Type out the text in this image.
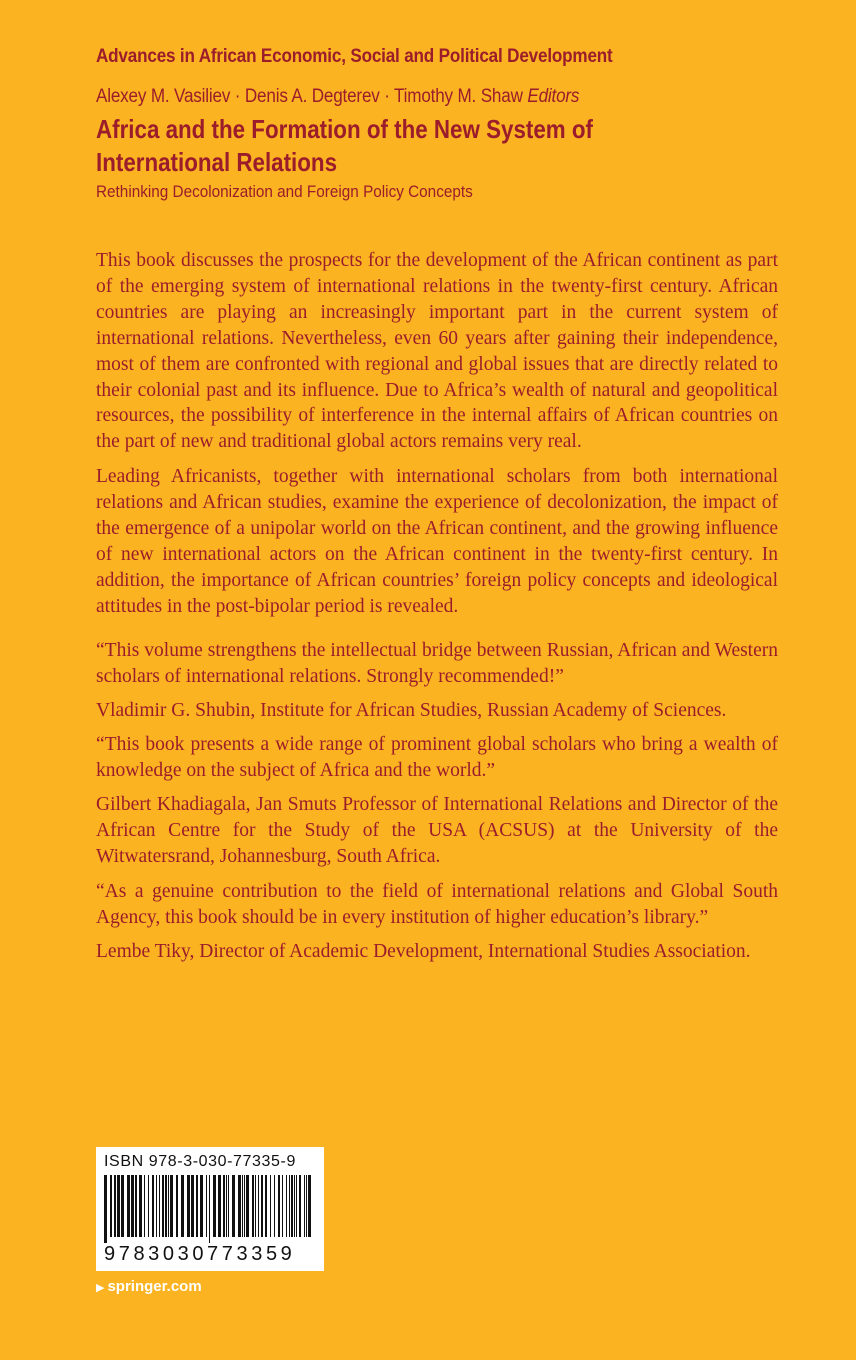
Advances in African Economic, Social and Political Development
Alexey M. Vasiliev · Denis A. Degterev · Timothy M. Shaw Editors
Africa and the Formation of the New System of International Relations
Rethinking Decolonization and Foreign Policy Concepts

This book discusses the prospects for the development of the African continent as part of the emerging system of international relations in the twenty-first century. African countries are playing an increasingly important part in the current system of international relations. Nevertheless, even 60 years after gaining their independence, most of them are confronted with regional and global issues that are directly related to their colonial past and its influence. Due to Africa’s wealth of natural and geopolitical resources, the possibility of interference in the internal affairs of African countries on the part of new and traditional global actors remains very real.

Leading Africanists, together with international scholars from both international relations and African studies, examine the experience of decolonization, the impact of the emergence of a unipolar world on the African continent, and the growing influence of new international actors on the African continent in the twenty-first century. In addition, the importance of African countries’ foreign policy concepts and ideological attitudes in the post-bipolar period is revealed.

“This volume strengthens the intellectual bridge between Russian, African and Western scholars of international relations. Strongly recommended!”

Vladimir G. Shubin, Institute for African Studies, Russian Academy of Sciences.

“This book presents a wide range of prominent global scholars who bring a wealth of knowledge on the subject of Africa and the world.”

Gilbert Khadiagala, Jan Smuts Professor of International Relations and Director of the African Centre for the Study of the USA (ACSUS) at the University of the Witwatersrand, Johannesburg, South Africa.

“As a genuine contribution to the field of international relations and Global South Agency, this book should be in every institution of higher education’s library.”

Lembe Tiky, Director of Academic Development, International Studies Association.

ISBN 978-3-030-77335-9
9783030773359
▶ springer.com
